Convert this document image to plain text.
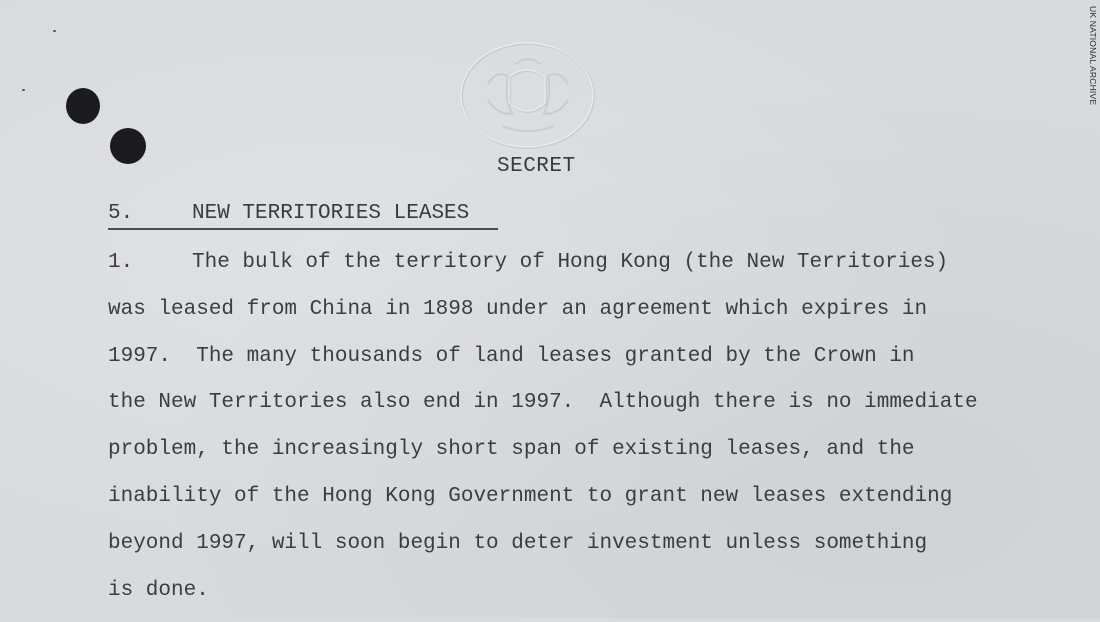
SECRET
5.	NEW TERRITORIES LEASES
1.	The bulk of the territory of Hong Kong (the New Territories)
was leased from China in 1898 under an agreement which expires in
1997.  The many thousands of land leases granted by the Crown in
the New Territories also end in 1997.  Although there is no immediate
problem, the increasingly short span of existing leases, and the
inability of the Hong Kong Government to grant new leases extending
beyond 1997, will soon begin to deter investment unless something
is done.
UK NATIONAL ARCHIVE
